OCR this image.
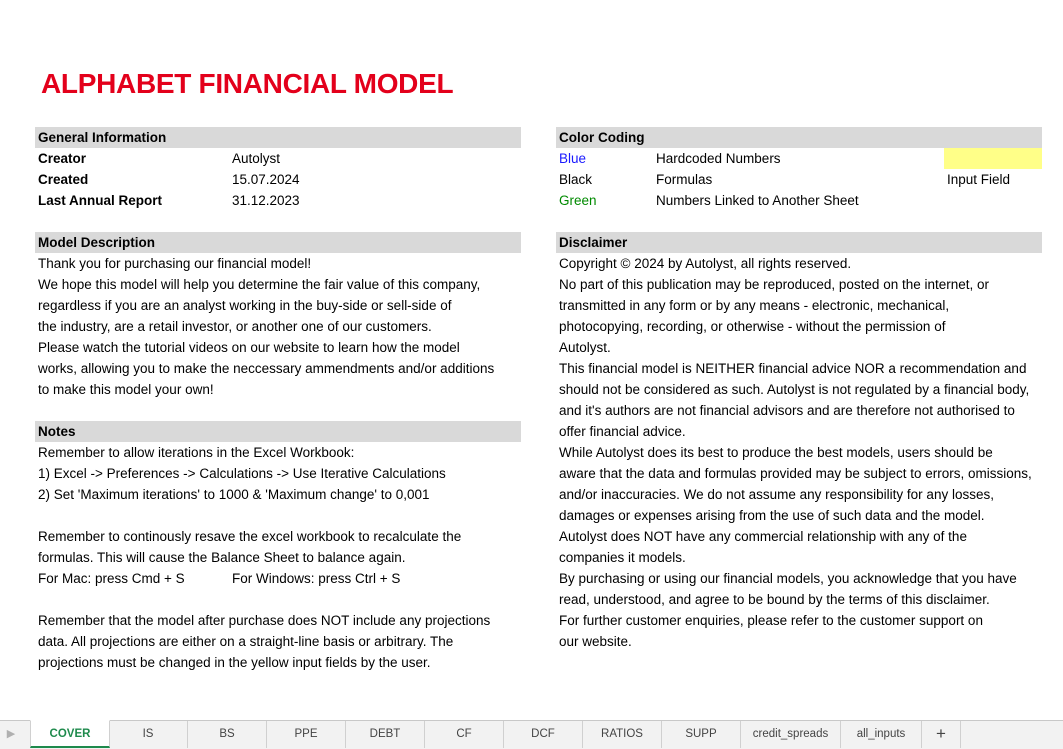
ALPHABET FINANCIAL MODEL
General Information
Creator	Autolyst
Created	15.07.2024
Last Annual Report	31.12.2023
Model Description
Thank you for purchasing our financial model!
We hope this model will help you determine the fair value of this company,
regardless if you are an analyst working in the buy-side or sell-side of
the industry, are a retail investor, or another one of our customers.
Please watch the tutorial videos on our website to learn how the model
works, allowing you to make the neccessary ammendments and/or additions
to make this model your own!
Notes
Remember to allow iterations in the Excel Workbook:
1) Excel -> Preferences -> Calculations -> Use Iterative Calculations
2) Set 'Maximum iterations' to 1000 & 'Maximum change' to 0,001
Remember to continously resave the excel workbook to recalculate the
formulas. This will cause the Balance Sheet to balance again.
For Mac: press Cmd + S	For Windows: press Ctrl + S
Remember that the model after purchase does NOT include any projections
data. All projections are either on a straight-line basis or arbitrary. The
projections must be changed in the yellow input fields by the user.
Color Coding
Blue	Hardcoded Numbers
Black	Formulas	Input Field
Green	Numbers Linked to Another Sheet
Disclaimer
Copyright © 2024 by Autolyst, all rights reserved.
No part of this publication may be reproduced, posted on the internet, or
transmitted in any form or by any means - electronic, mechanical,
photocopying, recording, or otherwise - without the permission of
Autolyst.
This financial model is NEITHER financial advice NOR a recommendation and
should not be considered as such. Autolyst is not regulated by a financial body,
and it's authors are not financial advisors and are therefore not authorised to
offer financial advice.
While Autolyst does its best to produce the best models, users should be
aware that the data and formulas provided may be subject to errors, omissions,
and/or inaccuracies. We do not assume any responsibility for any losses,
damages or expenses arising from the use of such data and the model.
Autolyst does NOT have any commercial relationship with any of the
companies it models.
By purchasing or using our financial models, you acknowledge that you have
read, understood, and agree to be bound by the terms of this disclaimer.
For further customer enquiries, please refer to the customer support on
our website.
▶	COVER	IS	BS	PPE	DEBT	CF	DCF	RATIOS	SUPP	credit_spreads	all_inputs	+
